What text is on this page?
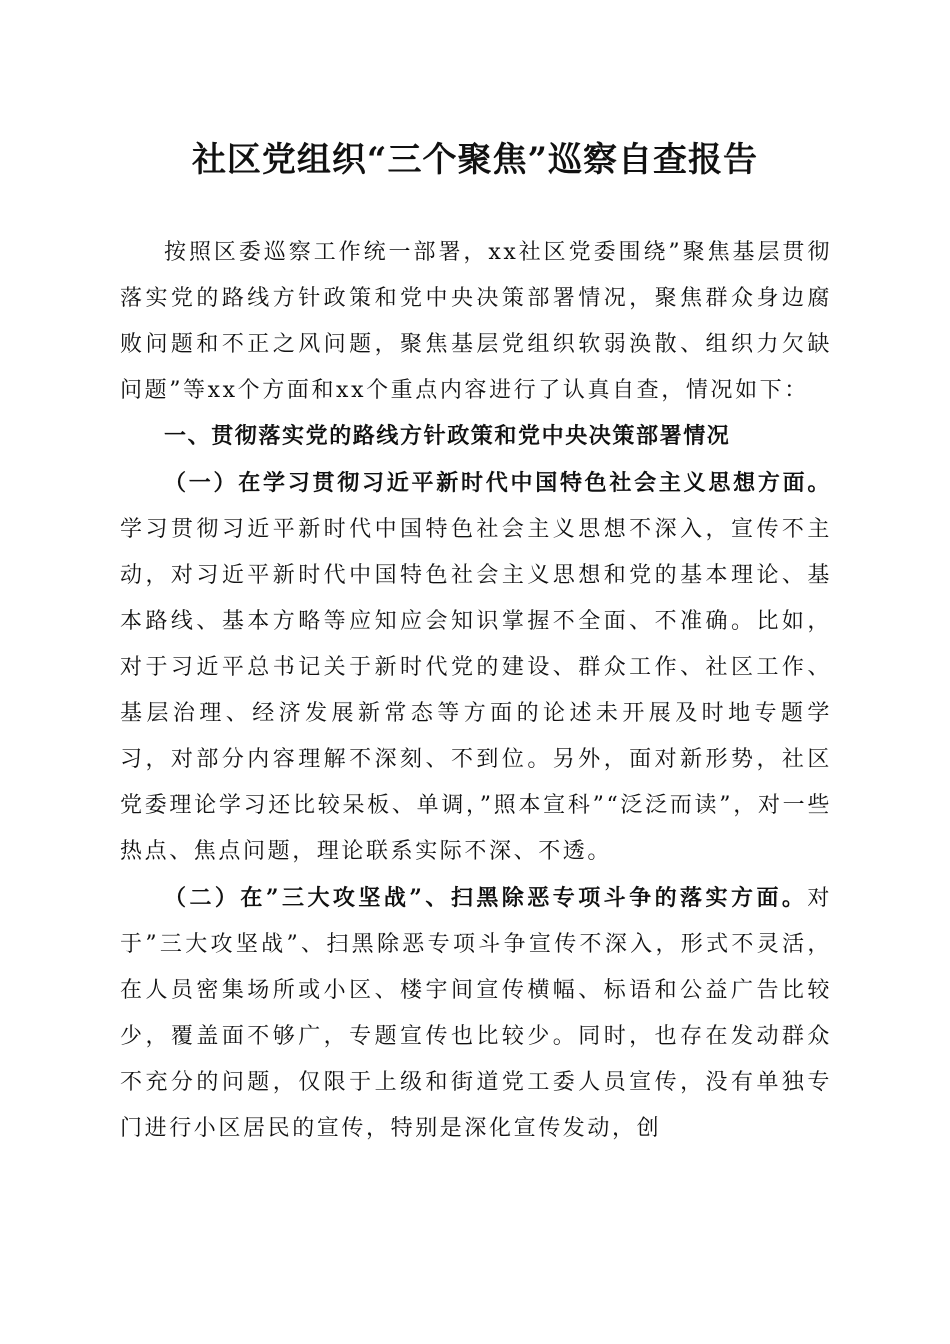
社区党组织“三个聚焦”巡察自查报告

按照区委巡察工作统一部署，xx社区党委围绕”聚焦基层贯彻落实党的路线方针政策和党中央决策部署情况，聚焦群众身边腐败问题和不正之风问题，聚焦基层党组织软弱涣散、组织力欠缺问题”等xx个方面和xx个重点内容进行了认真自查，情况如下：

一、贯彻落实党的路线方针政策和党中央决策部署情况

（一）在学习贯彻习近平新时代中国特色社会主义思想方面。学习贯彻习近平新时代中国特色社会主义思想不深入，宣传不主动，对习近平新时代中国特色社会主义思想和党的基本理论、基本路线、基本方略等应知应会知识掌握不全面、不准确。比如，对于习近平总书记关于新时代党的建设、群众工作、社区工作、基层治理、经济发展新常态等方面的论述未开展及时地专题学习，对部分内容理解不深刻、不到位。另外，面对新形势，社区党委理论学习还比较呆板、单调，”照本宣科”“泛泛而读”，对一些热点、焦点问题，理论联系实际不深、不透。

（二）在”三大攻坚战”、扫黑除恶专项斗争的落实方面。对于”三大攻坚战”、扫黑除恶专项斗争宣传不深入，形式不灵活，在人员密集场所或小区、楼宇间宣传横幅、标语和公益广告比较少，覆盖面不够广，专题宣传也比较少。同时，也存在发动群众不充分的问题，仅限于上级和街道党工委人员宣传，没有单独专门进行小区居民的宣传，特别是深化宣传发动，创
